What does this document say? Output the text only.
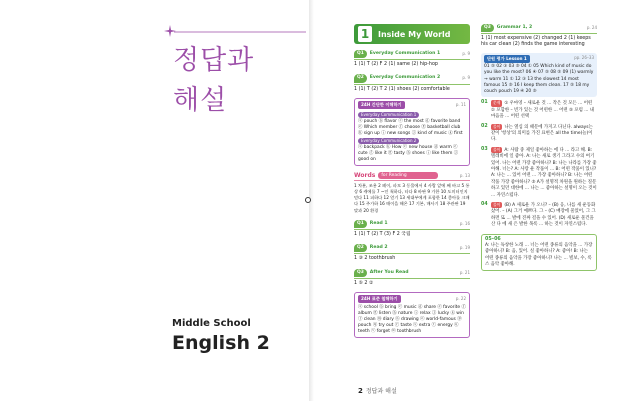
정답과
해설
Middle School
English 2
1	Inside My World
Q1	Everyday Communication 1	p. 9
1 (1) T (2) F 2 (1) same (2) hip-hop
Q2	Everyday Communication 2	p. 9
1 (1) T (2) T 2 (1) shoes (2) comfortable
24H 간단한 이해하기	p. 11
Everyday Communication 1
ⓐ pouch ⓑ flavor ⓒ the most ⓓ favorite band ⓔ Which member ⓕ choose ⓖ basketball club ⓗ sign up ⓘ new songs ⓙ kind of music ⓚ first
Everyday Communication 2
ⓐ backpack ⓑ How ⓒ new house ⓓ warm ⓔ cute ⓕ like it ⓖ tasty ⓗ shoes ⓘ like them ⓙ good on
Words	for Reading	p. 13
1 차분, 조용 2 폐이, 파모 3 동물에서 4 사람 앞에 째 바고 5 통상 6 캐에를 7 ~인 척하다, 타다 8 바판 9 가한 10 도미터인지 믿다 11 피하다 12 얻기 13 세대부에게 포함한 14 좋아를 크매다 15 주가하 16 매이을 해온 17 기본, 매사기 18 주관판 19 맞과 20 환경
Q1	Read 1	p. 16
1 (1) T (2) T (3) F 2 국립
Q2	Read 2	p. 19
1 ③ 2 toothbrush
Q3	After You Read	p. 21
1 ⑤ 2 ②
24H 표준 철해하기	p. 22
ⓐ school ⓑ bring ⓒ music ⓓ share ⓔ favorite ⓕ album ⓖ listen ⓗ nature ⓘ relax ⓙ lucky ⓚ win ⓛ clean ⓜ diary ⓝ drawing ⓞ world-famous ⓟ pouch ⓠ try out ⓡ taste ⓢ extra ⓣ energy ⓤ teeth ⓥ forget ⓦ toothbrush
Q3	Grammar 1, 2	p. 24
1 (1) most expensive (2) changed 2 (1) keeps his car clean (2) finds the game interesting
단원 평가 Lesson 1	pp. 26–33
01 ⑤ 02 ③ 03 ⑤ 04 ① 05 Which kind of music do you like the most? 06 ④ 07 ⑤ 08 ⑤ 09 (1) warmly → warm 11 ① 12 ③ 13 the slowest 14 most famous 15 ⑤ 16 I keep them clean. 17 ⑤ 18 my couch pouch 19 ④ 20 ⑤
01	문제 ① 우마영 – 새로운 것 ... 작은 것 모든 ... 어떤 ② 포함한 – 빈가 있는 것 어떤한 ... 어떤 ⑤ 포럼 ... 내 마음을 ... 어떤 선택
02	풀이 나는 열심 의 때문에 가지고 다닌다. always는 같이 '항상'의 의미를 가진 표현은 all the time(늘)이다.
03	풀이 A: 사람 중 제일 좋아하는 에 다 ... 라고 해. B: 텔레비에 일 좋아. A: 나는 새로 생기 그라고 수의 여기 있어. 나는 어떤 가장 좋아하니? B: 나는 나라를 가장 좋아해. 너는? A: 사랑 운 작품이 ... B: 어떤 작품이 있니? A: 나는 ... 있어 어떤 ... 가장 좋아하니? B: 나는 어떤 작품 가장 좋아하니? ⑤ A가 설명적 차원을 원하는 질문하고 있던 대한에 ... 나는 ... 좋아하는 설명이 오는 것이 ... 자연스럽다.
04	풀이 (B) A 새로운 가 오니? – (B) 응, 나를 새 운동화 샀어. – (A) 그거 예쁘다. 그 – (C) 매장에 물었어, 그 그 하면 또 ... 발에 진짜 걸을 수 있어. (D) 새로운 물건을 산 다 에 새 은 발한 목록 ... 하는 것이 자연스럽다.
05–06
A: 나는 독창한 노래 ... 너는 어떤 종류의 음악을 ... 가장 좋아하니? B: 음, 있어. 실 좋아하니? A: 좋아! B: 나는 어떤 종류의 음악을 가장 좋아하니? 나는 ... 빌보, 수, 록스 음악 좋아해.
2 정답과 해설
